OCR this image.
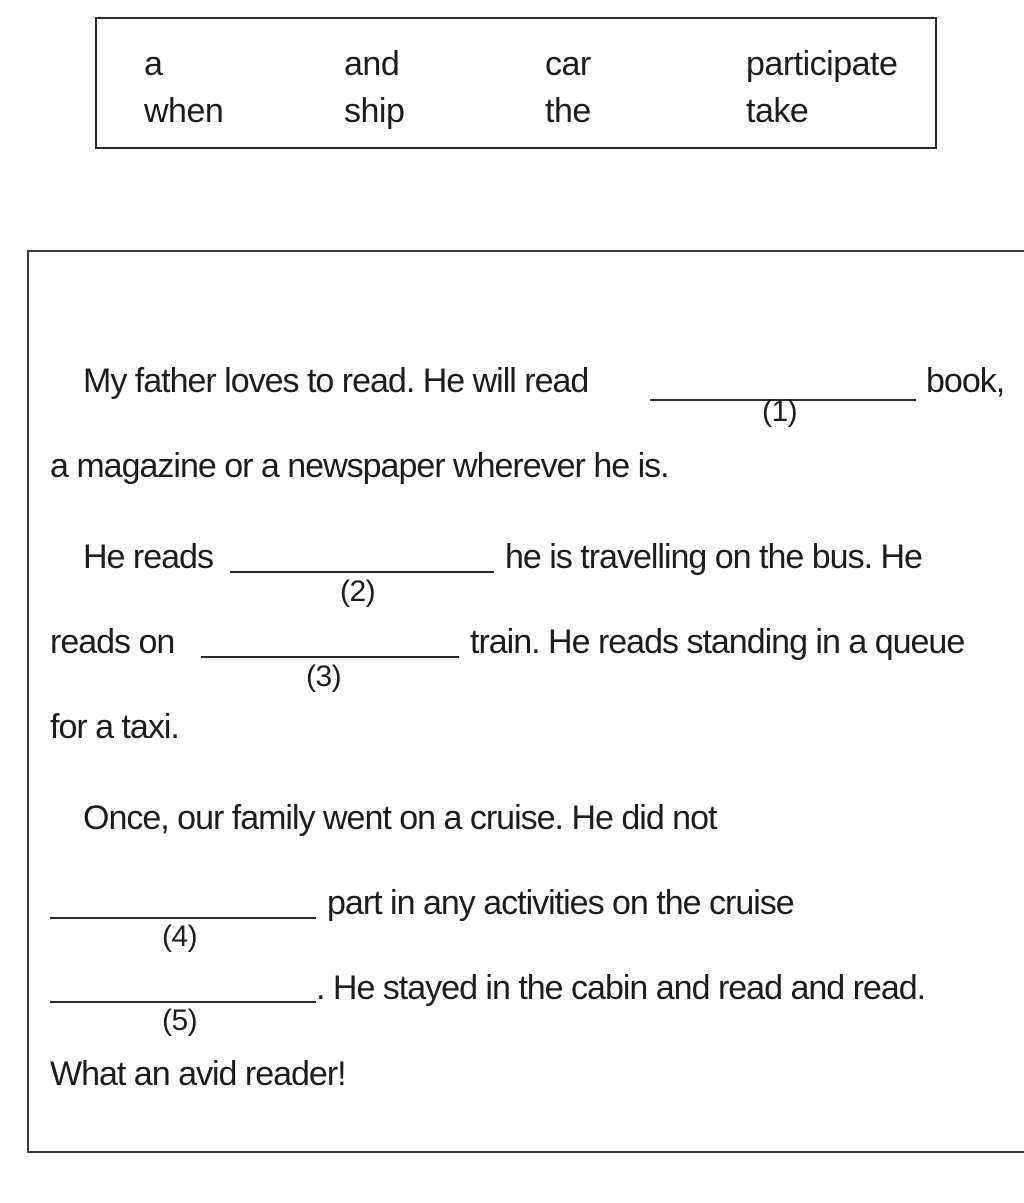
a	and	car	participate
when	ship	the	take
My father loves to read. He will read
(1)
book,
a magazine or a newspaper wherever he is.
He reads
(2)
he is travelling on the bus. He
reads on
(3)
train. He reads standing in a queue
for a taxi.
Once, our family went on a cruise. He did not
(4)
part in any activities on the cruise
(5)
. He stayed in the cabin and read and read.
What an avid reader!
